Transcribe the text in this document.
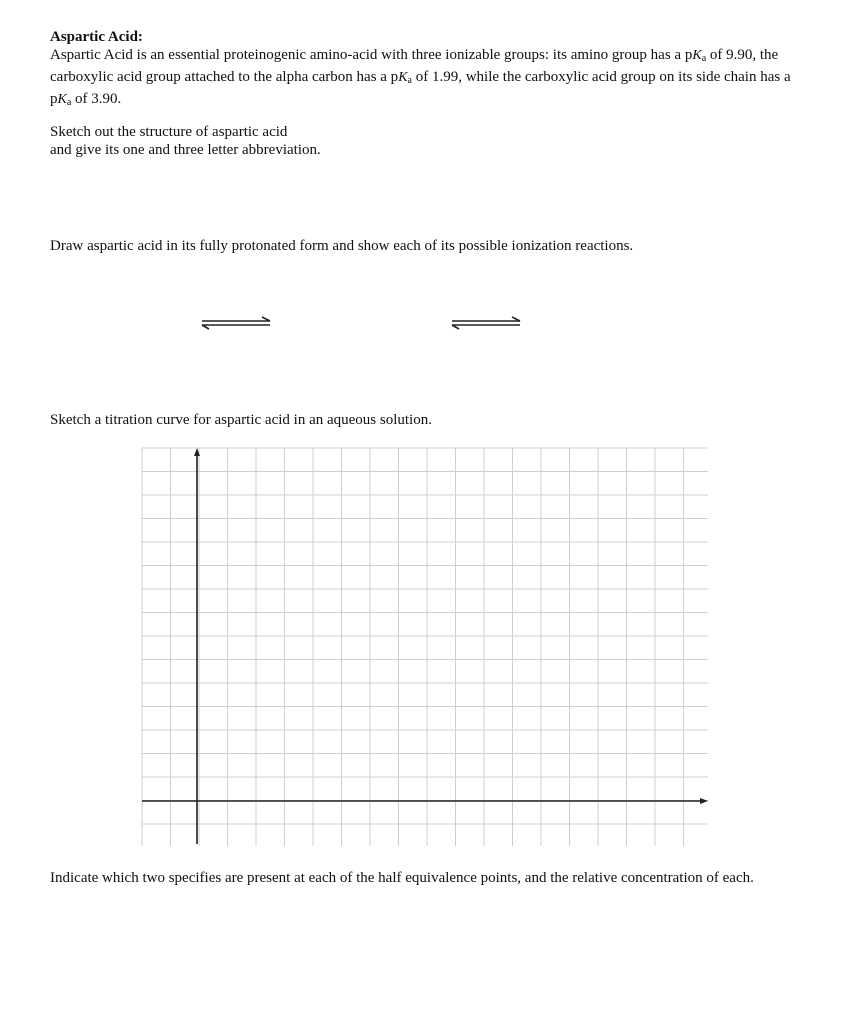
Aspartic Acid:
Aspartic Acid is an essential proteinogenic amino-acid with three ionizable groups: its amino group has a pKa of 9.90, the carboxylic acid group attached to the alpha carbon has a pKa of 1.99, while the carboxylic acid group on its side chain has a pKa of 3.90.
Sketch out the structure of aspartic acid
and give its one and three letter abbreviation.
Draw aspartic acid in its fully protonated form and show each of its possible ionization reactions.
Sketch a titration curve for aspartic acid in an aqueous solution.
Indicate which two specifies are present at each of the half equivalence points, and the relative concentration of each.
